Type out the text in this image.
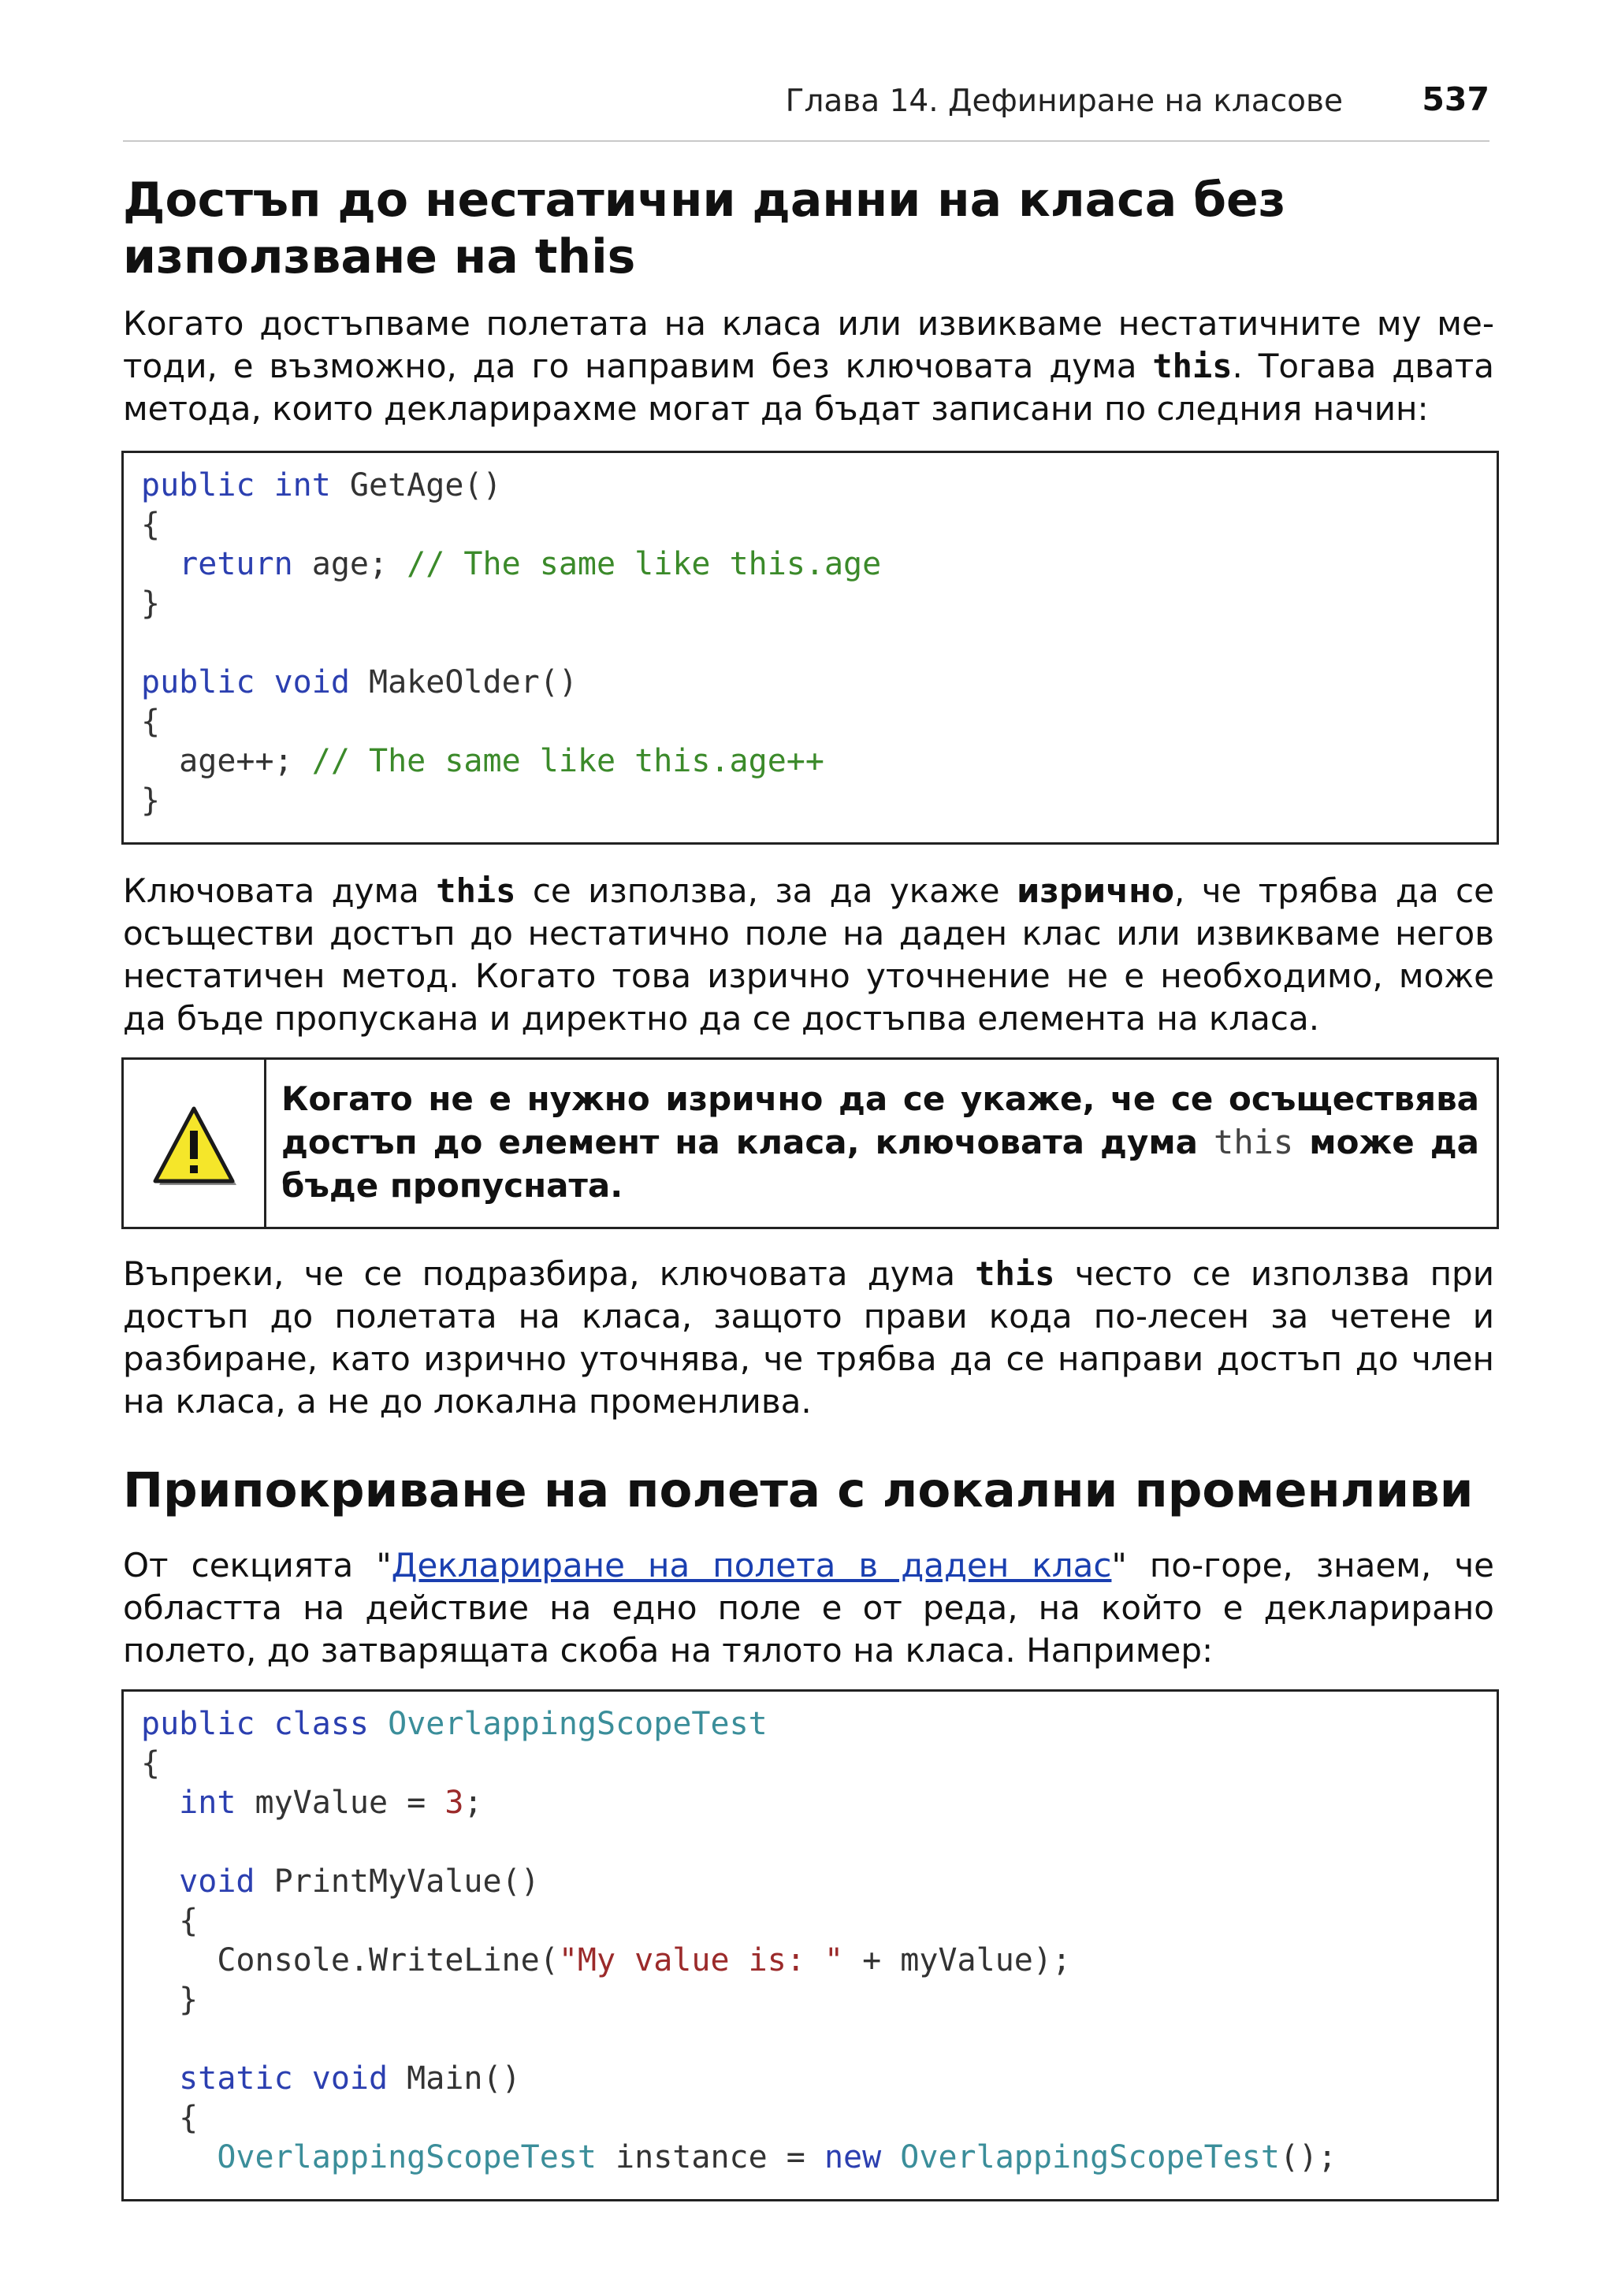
Глава 14. Дефиниране на класове 537
Достъп до нестатични данни на класа без използване на this

Когато достъпваме полетата на класа или извикваме нестатичните му ме-тоди, е възможно, да го направим без ключовата дума this. Тогава двата метода, които декларирахме могат да бъдат записани по следния начин:

public int GetAge()
{
return age; // The same like this.age
}

public void MakeOlder()
{
age++; // The same like this.age++
}

Ключовата дума this се използва, за да укаже изрично, че трябва да се осъществи достъп до нестатично поле на даден клас или извикваме негов нестатичен метод. Когато това изрично уточнение не е необходимо, може да бъде пропускана и директно да се достъпва елемента на класа.

Когато не е нужно изрично да се укаже, че се осъществява достъп до елемент на класа, ключовата дума this може да бъде пропусната.

Въпреки, че се подразбира, ключовата дума this често се използва при достъп до полетата на класа, защото прави кода по-лесен за четене и разбиране, като изрично уточнява, че трябва да се направи достъп до член на класа, а не до локална променлива.

Припокриване на полета с локални променливи

От секцията "Деклариране на полета в даден клас" по-горе, знаем, че областта на действие на едно поле е от реда, на който е декларирано полето, до затварящата скоба на тялото на класа. Например:

public class OverlappingScopeTest
{
int myValue = 3;

void PrintMyValue()
{
Console.WriteLine("My value is: " + myValue);
}

static void Main()
{
OverlappingScopeTest instance = new OverlappingScopeTest();
